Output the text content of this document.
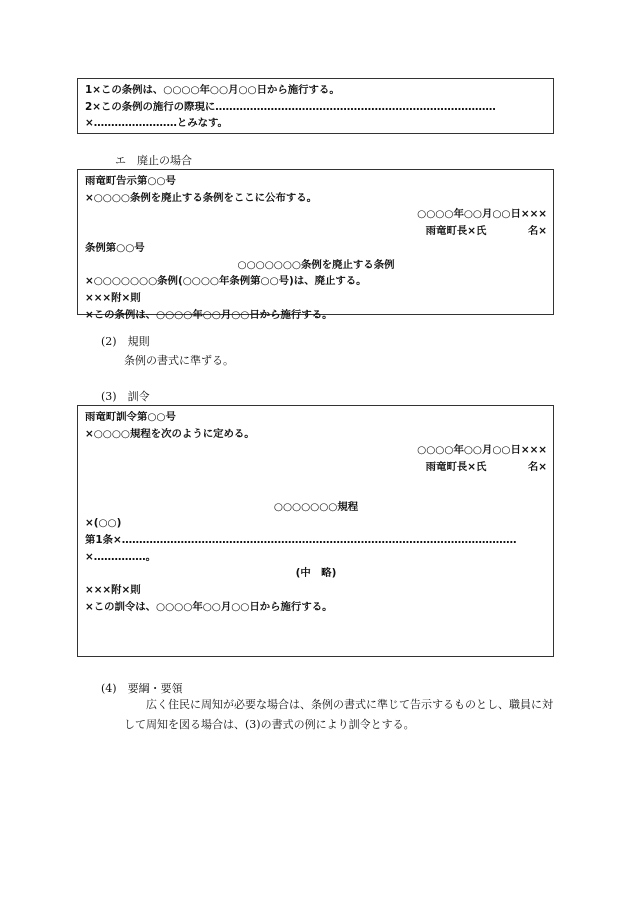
1×この条例は、○○○○年○○月○○日から施行する。
2×この条例の施行の際現に………………………………………………………………………
×……………………とみなす。
エ　廃止の場合
雨竜町告示第○○号
×○○○○条例を廃止する条例をここに公布する。
○○○○年○○月○○日×××
雨竜町長×氏　　　　名×
条例第○○号
○○○○○○○条例を廃止する条例
×○○○○○○○条例(○○○○年条例第○○号)は、廃止する。
×××附×則
×この条例は、○○○○年○○月○○日から施行する。
(2)　規則
条例の書式に準ずる。
(3)　訓令
雨竜町訓令第○○号
×○○○○規程を次のように定める。
○○○○年○○月○○日×××
雨竜町長×氏　　　　名×

○○○○○○○規程
×(○○)
第1条×……………………………………………………………………………………………………
×……………。
(中　略)
×××附×則
×この訓令は、○○○○年○○月○○日から施行する。
(4)　要綱・要領
広く住民に周知が必要な場合は、条例の書式に準じて告示するものとし、職員に対して周知を図る場合は、(3)の書式の例により訓令とする。
